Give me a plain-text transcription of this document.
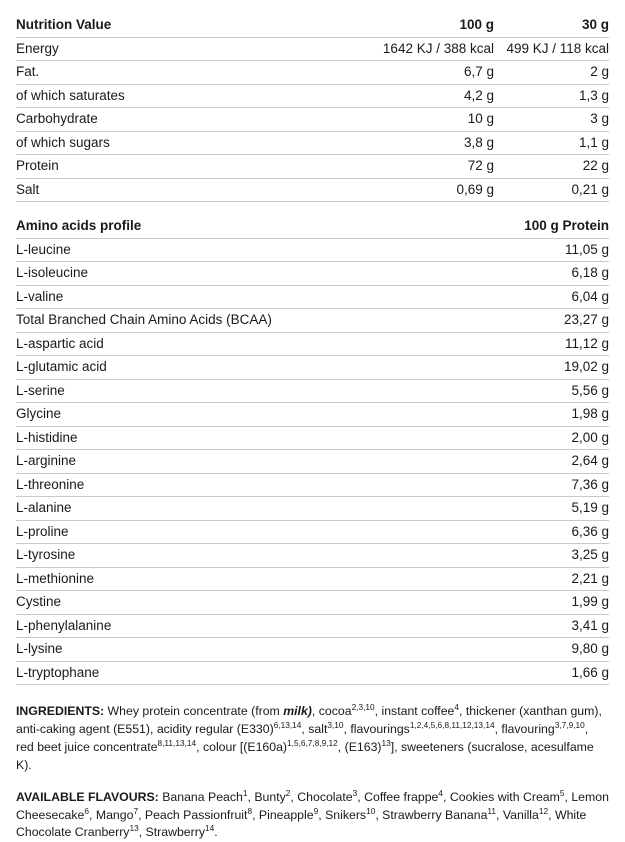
Nutrition Value	100 g	30 g
Energy	1642 KJ / 388 kcal	499 KJ / 118 kcal
Fat.	6,7 g	2 g
of which saturates	4,2 g	1,3 g
Carbohydrate	10 g	3 g
of which sugars	3,8 g	1,1 g
Protein	72 g	22 g
Salt	0,69 g	0,21 g
Amino acids profile	100 g Protein
L-leucine	11,05 g
L-isoleucine	6,18 g
L-valine	6,04 g
Total Branched Chain Amino Acids (BCAA)	23,27 g
L-aspartic acid	11,12 g
L-glutamic acid	19,02 g
L-serine	5,56 g
Glycine	1,98 g
L-histidine	2,00 g
L-arginine	2,64 g
L-threonine	7,36 g
L-alanine	5,19 g
L-proline	6,36 g
L-tyrosine	3,25 g
L-methionine	2,21 g
Cystine	1,99 g
L-phenylalanine	3,41 g
L-lysine	9,80 g
L-tryptophane	1,66 g

INGREDIENTS: Whey protein concentrate (from milk), cocoa$^{2,3,10}$, instant coffee$^4$, thickener (xanthan gum), anti-caking agent (E551), acidity regular $(E330)^{6,13,14}$, salt$^{3,10}$, flavourings$^{1,2,4,5,6,8,11,12,13,14}$, flavouring$^{3,7,9,10}$, red beet juice concentrate$^{8,11,13,14}$, colour [$(E160a)^{1,5,6,7,8,9,12}$, $(E163)^{13}$], sweeteners (sucralose, acesulfame K).

AVAILABLE FLAVOURS: Banana Peach$^1$, Bunty$^2$, Chocolate$^3$, Coffee frappe$^4$, Cookies with Cream$^5$, Lemon Cheesecake$^6$, Mango$^7$, Peach Passionfruit$^8$, Pineapple$^9$, Snikers$^{10}$, Strawberry Banana$^{11}$, Vanilla$^{12}$, White Chocolate Cranberry$^{13}$, Strawberry$^{14}$.
